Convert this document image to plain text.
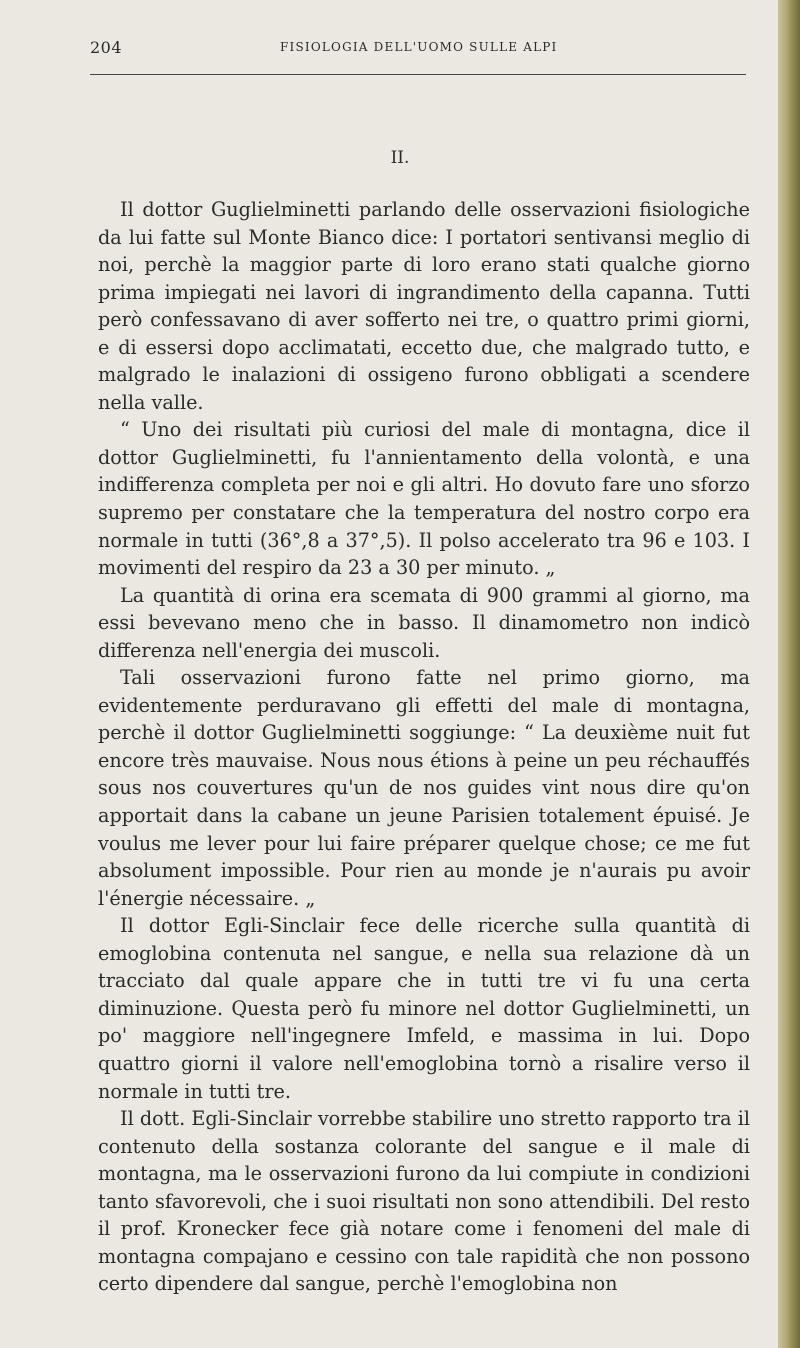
204	FISIOLOGIA DELL'UOMO SULLE ALPI
II.

Il dottor Guglielminetti parlando delle osservazioni fisiologiche da lui fatte sul Monte Bianco dice: I portatori sentivansi meglio di noi, perchè la maggior parte di loro erano stati qualche giorno prima impiegati nei lavori di ingrandimento della capanna. Tutti però confessavano di aver sofferto nei tre, o quattro primi giorni, e di essersi dopo acclimatati, eccetto due, che malgrado tutto, e malgrado le inalazioni di ossigeno furono obbligati a scendere nella valle.

“ Uno dei risultati più curiosi del male di montagna, dice il dottor Guglielminetti, fu l'annientamento della volontà, e una indifferenza completa per noi e gli altri. Ho dovuto fare uno sforzo supremo per constatare che la temperatura del nostro corpo era normale in tutti (36°,8 a 37°,5). Il polso accelerato tra 96 e 103. I movimenti del respiro da 23 a 30 per minuto. „

La quantità di orina era scemata di 900 grammi al giorno, ma essi bevevano meno che in basso. Il dinamometro non indicò differenza nell'energia dei muscoli.

Tali osservazioni furono fatte nel primo giorno, ma evidentemente perduravano gli effetti del male di montagna, perchè il dottor Guglielminetti soggiunge: “ La deuxième nuit fut encore très mauvaise. Nous nous étions à peine un peu réchauffés sous nos couvertures qu'un de nos guides vint nous dire qu'on apportait dans la cabane un jeune Parisien totalement épuisé. Je voulus me lever pour lui faire préparer quelque chose; ce me fut absolument impossible. Pour rien au monde je n'aurais pu avoir l'énergie nécessaire. „

Il dottor Egli-Sinclair fece delle ricerche sulla quantità di emoglobina contenuta nel sangue, e nella sua relazione dà un tracciato dal quale appare che in tutti tre vi fu una certa diminuzione. Questa però fu minore nel dottor Guglielminetti, un po' maggiore nell'ingegnere Imfeld, e massima in lui. Dopo quattro giorni il valore nell'emoglobina tornò a risalire verso il normale in tutti tre.

Il dott. Egli-Sinclair vorrebbe stabilire uno stretto rapporto tra il contenuto della sostanza colorante del sangue e il male di montagna, ma le osservazioni furono da lui compiute in condizioni tanto sfavorevoli, che i suoi risultati non sono attendibili. Del resto il prof. Kronecker fece già notare come i fenomeni del male di montagna compajano e cessino con tale rapidità che non possono certo dipendere dal sangue, perchè l'emoglobina non
